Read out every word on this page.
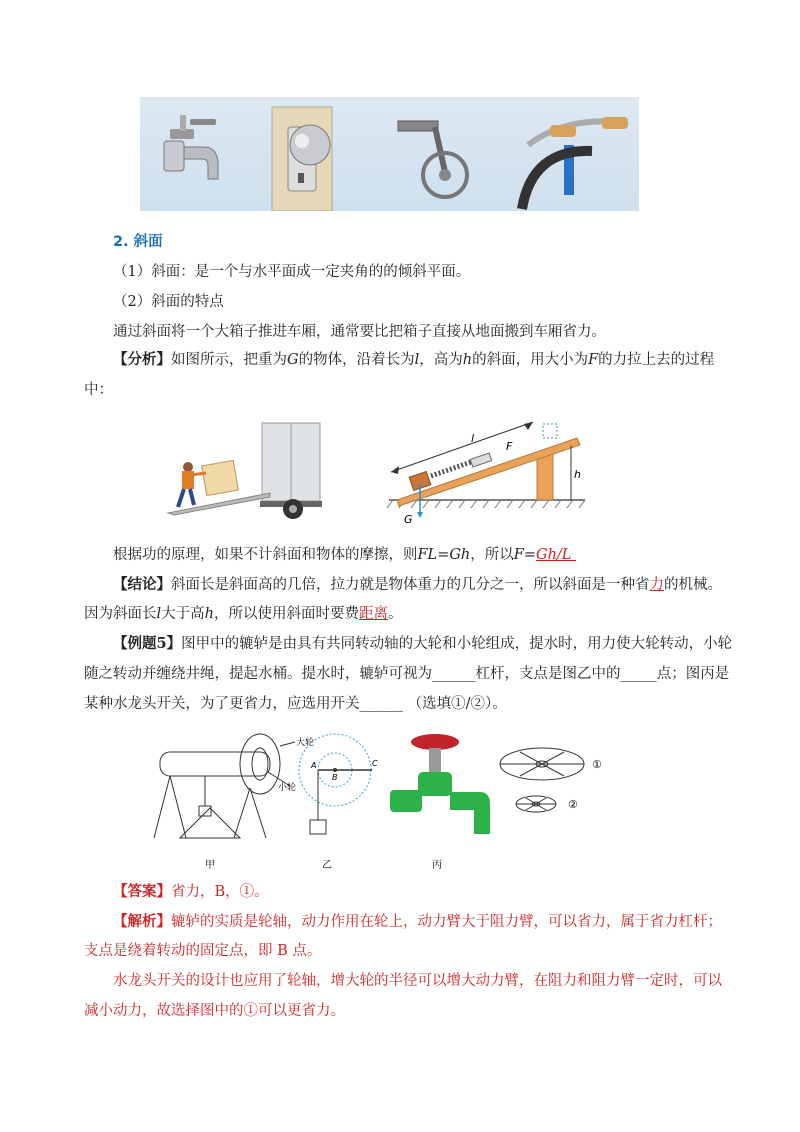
2. 斜面
（1）斜面：是一个与水平面成一定夹角的的倾斜平面。
（2）斜面的特点
通过斜面将一个大箱子推进车厢，通常要比把箱子直接从地面搬到车厢省力。
【分析】如图所示，把重为G的物体，沿着长为l，高为h的斜面，用大小为F的力拉上去的过程
中：
l
F
h
G
根据功的原理，如果不计斜面和物体的摩擦，则FL=Gh，所以F=Gh/L
【结论】斜面长是斜面高的几倍，拉力就是物体重力的几分之一，所以斜面是一种省力的机械。
因为斜面长l大于高h，所以使用斜面时要费距离。
【例题5】图甲中的辘轳是由具有共同转动轴的大轮和小轮组成，提水时，用力使大轮转动，小轮
随之转动并缠绕井绳，提起水桶。提水时，辘轳可视为______杠杆，支点是图乙中的_____点；图丙是
某种水龙头开关，为了更省力，应选用开关______ （选填①/②）。
大轮
小轮
甲
A
B
C
乙	丙
①
②
【答案】省力，B，①。
【解析】辘轳的实质是轮轴，动力作用在轮上，动力臂大于阻力臂，可以省力，属于省力杠杆；
支点是绕着转动的固定点，即 B 点。
水龙头开关的设计也应用了轮轴，增大轮的半径可以增大动力臂，在阻力和阻力臂一定时，可以
减小动力，故选择图中的①可以更省力。
